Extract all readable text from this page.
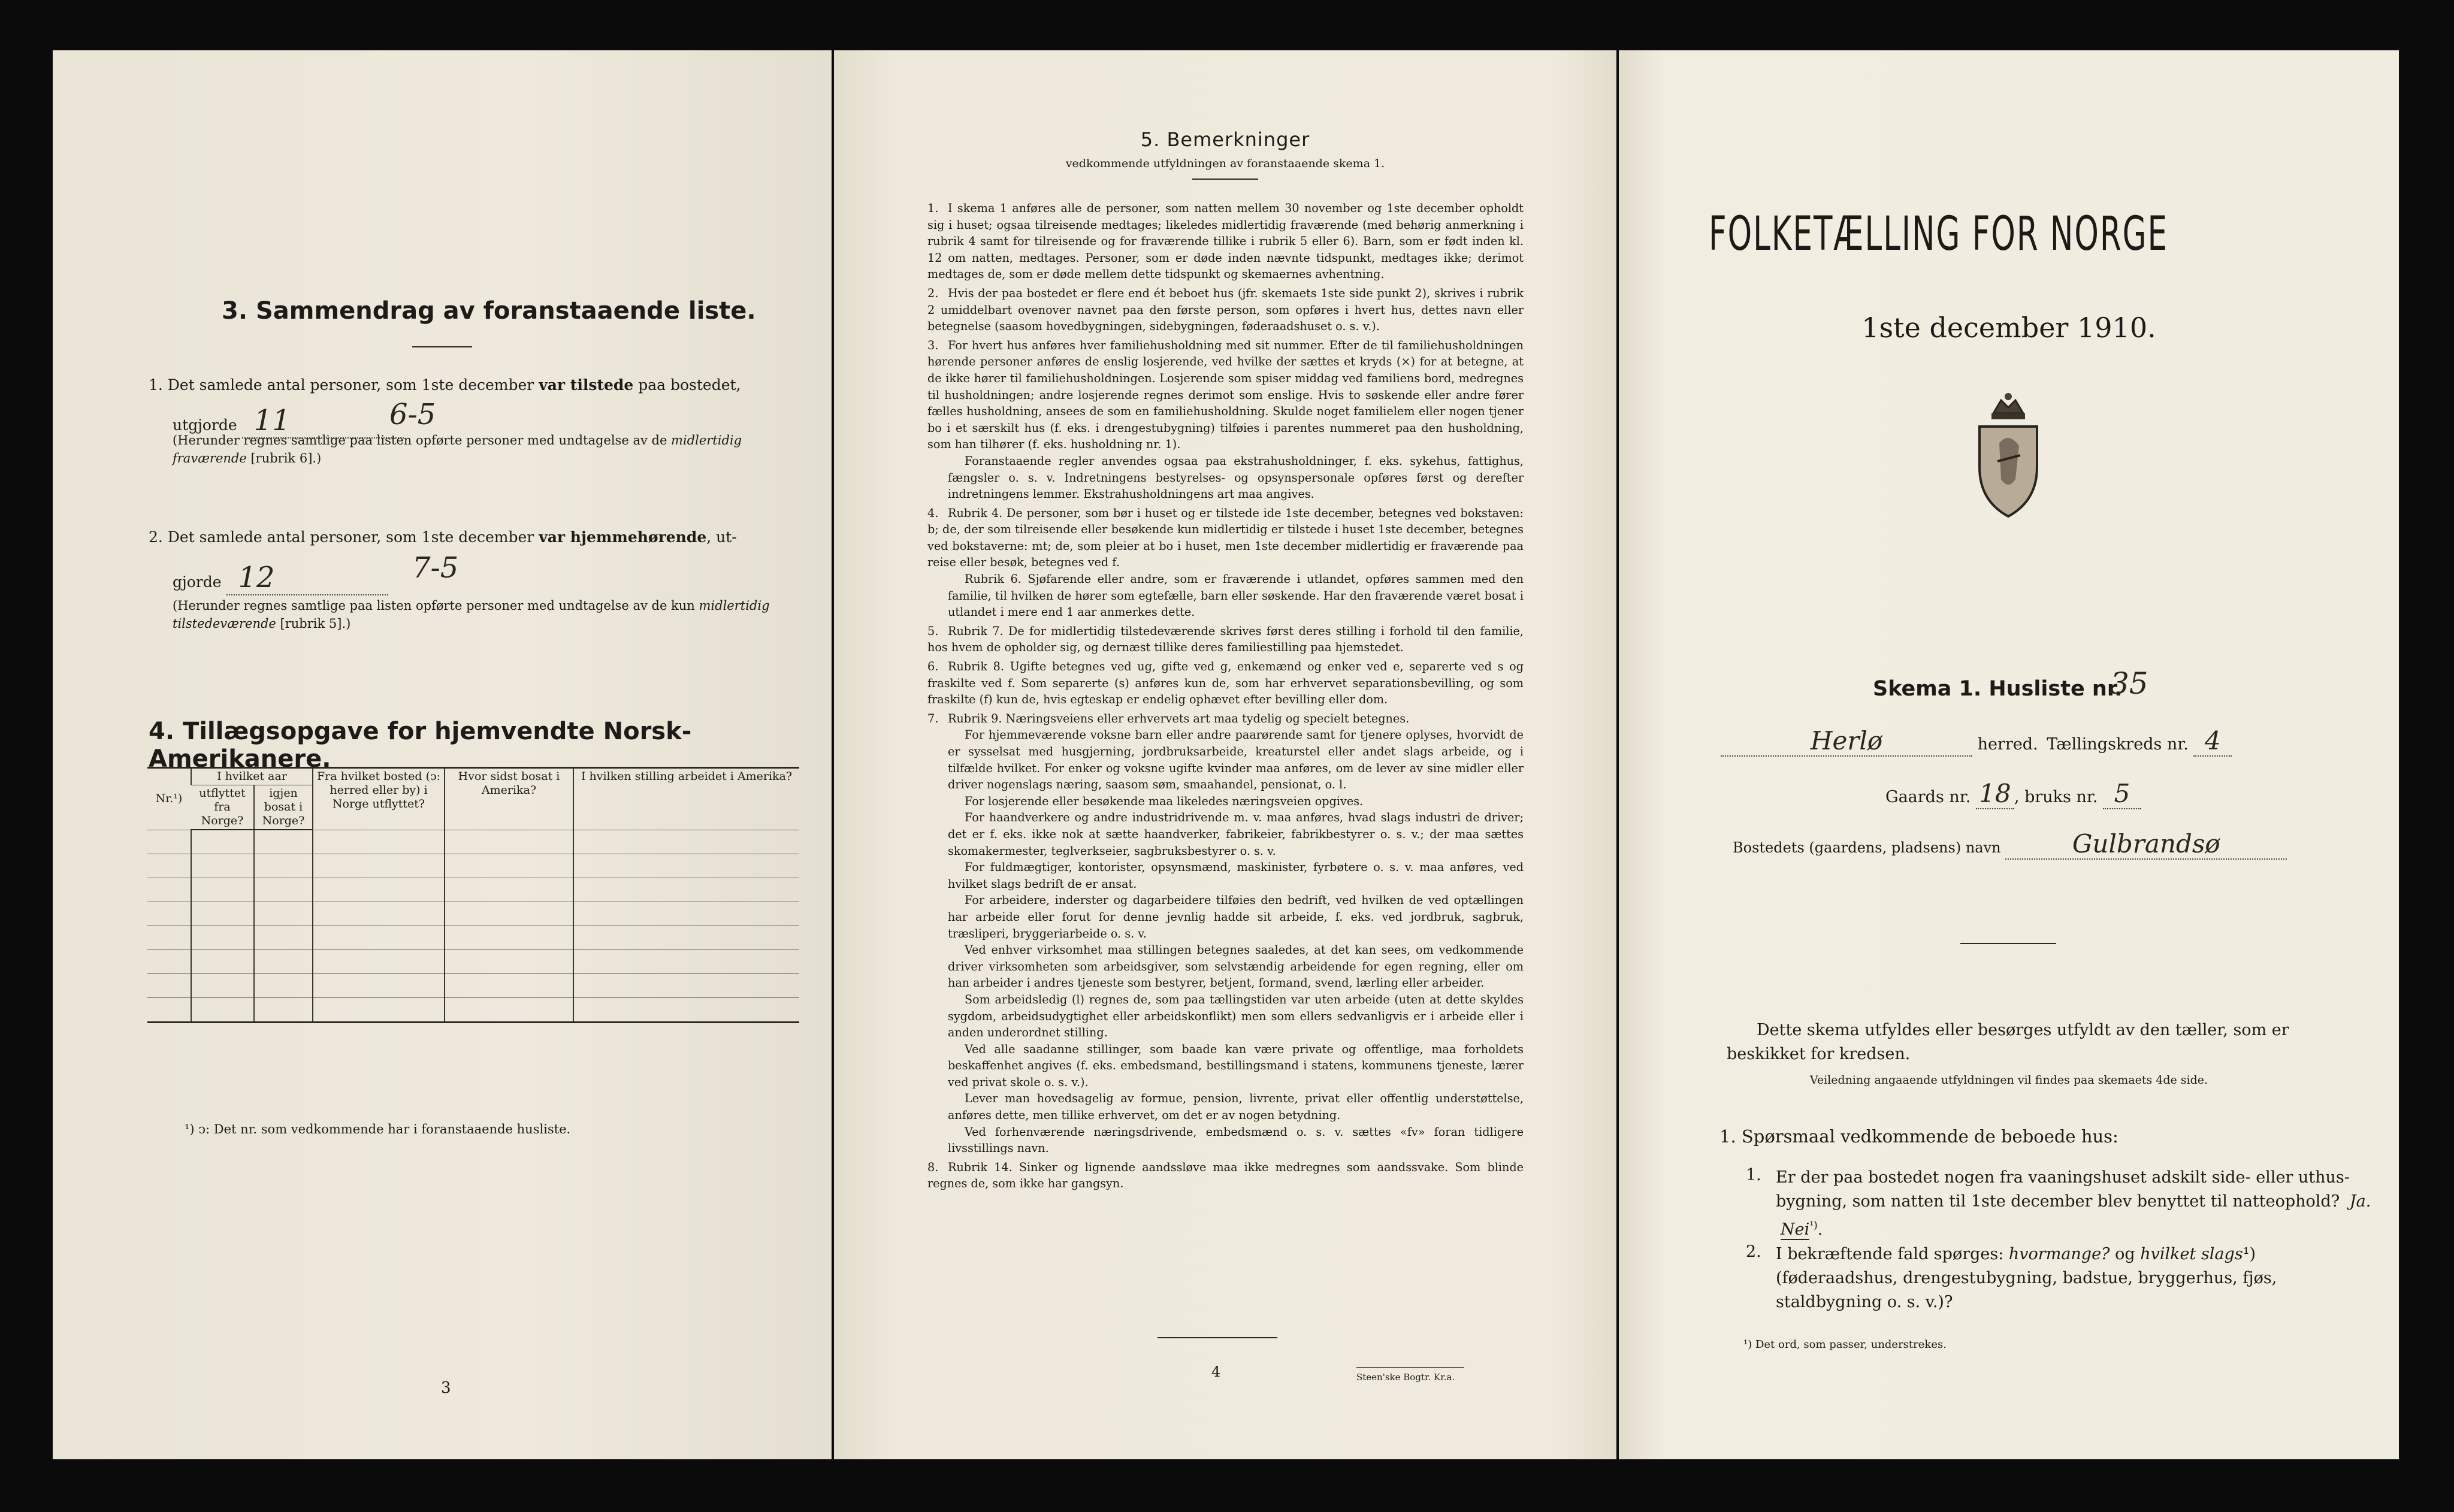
3. Sammendrag av foranstaaende liste.
1. Det samlede antal personer, som 1ste december var tilstede paa bostedet,
utgjorde 11	6-5
(Herunder regnes samtlige paa listen opførte personer med undtagelse av de midlertidig fraværende [rubrik 6].)
2. Det samlede antal personer, som 1ste december var hjemmehørende, ut-
gjorde 12	7-5
(Herunder regnes samtlige paa listen opførte personer med undtagelse av de kun midlertidig tilstedeværende [rubrik 5].)
4. Tillægsopgave for hjemvendte Norsk-Amerikanere.
Nr.¹)	I hvilket aar		Fra hvilket bosted (ↄ: herred eller by) i Norge utflyttet?	Hvor sidst bosat i Amerika?	I hvilken stilling arbeidet i Amerika?
	utflyttet fra Norge?	igjen bosat i Norge?			

¹) ↄ: Det nr. som vedkommende har i foranstaaende husliste.
3
5. Bemerkninger
vedkommende utfyldningen av foranstaaende skema 1.

1. I skema 1 anføres alle de personer, som natten mellem 30 november og 1ste december opholdt sig i huset; ogsaa tilreisende medtages; likeledes midlertidig fraværende (med behørig anmerkning i rubrik 4 samt for tilreisende og for fraværende tillike i rubrik 5 eller 6). Barn, som er født inden kl. 12 om natten, medtages. Personer, som er døde inden nævnte tidspunkt, medtages ikke; derimot medtages de, som er døde mellem dette tidspunkt og skemaernes avhentning.

2. Hvis der paa bostedet er flere end ét beboet hus (jfr. skemaets 1ste side punkt 2), skrives i rubrik 2 umiddelbart ovenover navnet paa den første person, som opføres i hvert hus, dettes navn eller betegnelse (saasom hovedbygningen, sidebygningen, føderaadshuset o. s. v.).

3. For hvert hus anføres hver familiehusholdning med sit nummer. Efter de til familiehusholdningen hørende personer anføres de enslig losjerende, ved hvilke der sættes et kryds (×) for at betegne, at de ikke hører til familiehusholdningen. Losjerende som spiser middag ved familiens bord, medregnes til husholdningen; andre losjerende regnes derimot som enslige. Hvis to søskende eller andre fører fælles husholdning, ansees de som en familiehusholdning. Skulde noget familielem eller nogen tjener bo i et særskilt hus (f. eks. i drengestubygning) tilføies i parentes nummeret paa den husholdning, som han tilhører (f. eks. husholdning nr. 1).

Foranstaaende regler anvendes ogsaa paa ekstrahusholdninger, f. eks. sykehus, fattighus, fængsler o. s. v. Indretningens bestyrelses- og opsynspersonale opføres først og derefter indretningens lemmer. Ekstrahusholdningens art maa angives.

4. Rubrik 4. De personer, som bør i huset og er tilstede ide 1ste december, betegnes ved bokstaven: b; de, der som tilreisende eller besøkende kun midlertidig er tilstede i huset 1ste december, betegnes ved bokstaverne: mt; de, som pleier at bo i huset, men 1ste december midlertidig er fraværende paa reise eller besøk, betegnes ved f.

Rubrik 6. Sjøfarende eller andre, som er fraværende i utlandet, opføres sammen med den familie, til hvilken de hører som egtefælle, barn eller søskende. Har den fraværende været bosat i utlandet i mere end 1 aar anmerkes dette.

5. Rubrik 7. De for midlertidig tilstedeværende skrives først deres stilling i forhold til den familie, hos hvem de opholder sig, og dernæst tillike deres familiestilling paa hjemstedet.

6. Rubrik 8. Ugifte betegnes ved ug, gifte ved g, enkemænd og enker ved e, separerte ved s og fraskilte ved f. Som separerte (s) anføres kun de, som har erhvervet separationsbevilling, og som fraskilte (f) kun de, hvis egteskap er endelig ophævet efter bevilling eller dom.

7. Rubrik 9. Næringsveiens eller erhvervets art maa tydelig og specielt betegnes.

For hjemmeværende voksne barn eller andre paarørende samt for tjenere oplyses, hvorvidt de er sysselsat med husgjerning, jordbruksarbeide, kreaturstel eller andet slags arbeide, og i tilfælde hvilket. For enker og voksne ugifte kvinder maa anføres, om de lever av sine midler eller driver nogenslags næring, saasom søm, smaahandel, pensionat, o. l.

For losjerende eller besøkende maa likeledes næringsveien opgives.

For haandverkere og andre industridrivende m. v. maa anføres, hvad slags industri de driver; det er f. eks. ikke nok at sætte haandverker, fabrikeier, fabrikbestyrer o. s. v.; der maa sættes skomakermester, teglverkseier, sagbruksbestyrer o. s. v.

For fuldmægtiger, kontorister, opsynsmænd, maskinister, fyrbøtere o. s. v. maa anføres, ved hvilket slags bedrift de er ansat.

For arbeidere, inderster og dagarbeidere tilføies den bedrift, ved hvilken de ved optællingen har arbeide eller forut for denne jevnlig hadde sit arbeide, f. eks. ved jordbruk, sagbruk, træsliperi, bryggeriarbeide o. s. v.

Ved enhver virksomhet maa stillingen betegnes saaledes, at det kan sees, om vedkommende driver virksomheten som arbeidsgiver, som selvstændig arbeidende for egen regning, eller om han arbeider i andres tjeneste som bestyrer, betjent, formand, svend, lærling eller arbeider.

Som arbeidsledig (l) regnes de, som paa tællingstiden var uten arbeide (uten at dette skyldes sygdom, arbeidsudygtighet eller arbeidskonflikt) men som ellers sedvanligvis er i arbeide eller i anden underordnet stilling.

Ved alle saadanne stillinger, som baade kan være private og offentlige, maa forholdets beskaffenhet angives (f. eks. embedsmand, bestillingsmand i statens, kommunens tjeneste, lærer ved privat skole o. s. v.).

Lever man hovedsagelig av formue, pension, livrente, privat eller offentlig understøttelse, anføres dette, men tillike erhvervet, om det er av nogen betydning.

Ved forhenværende næringsdrivende, embedsmænd o. s. v. sættes «fv» foran tidligere livsstillings navn.

8. Rubrik 14. Sinker og lignende aandssløve maa ikke medregnes som aandssvake. Som blinde regnes de, som ikke har gangsyn.

4	Steen'ske Bogtr. Kr.a.
FOLKETÆLLING FOR NORGE
1ste december 1910.
Skema 1. Husliste nr.
35
Herlø	herred. Tællingskreds nr. 4
Gaards nr. 18 , bruks nr. 5
Bostedets (gaardens, pladsens) navn	Gulbrandsø
Dette skema utfyldes eller besørges utfyldt av den tæller, som er beskikket for kredsen.
Veiledning angaaende utfyldningen vil findes paa skemaets 4de side.
1. Spørsmaal vedkommende de beboede hus:
1. Er der paa bostedet nogen fra vaaningshuset adskilt side- eller uthus-bygning, som natten til 1ste december blev benyttet til natteophold? Ja. Nei$^{^1)}$.
2. I bekræftende fald spørges: hvormange? og hvilket slags¹) (føderaadshus, drengestubygning, badstue, bryggerhus, fjøs, staldbygning o. s. v.)?
¹) Det ord, som passer, understrekes.
